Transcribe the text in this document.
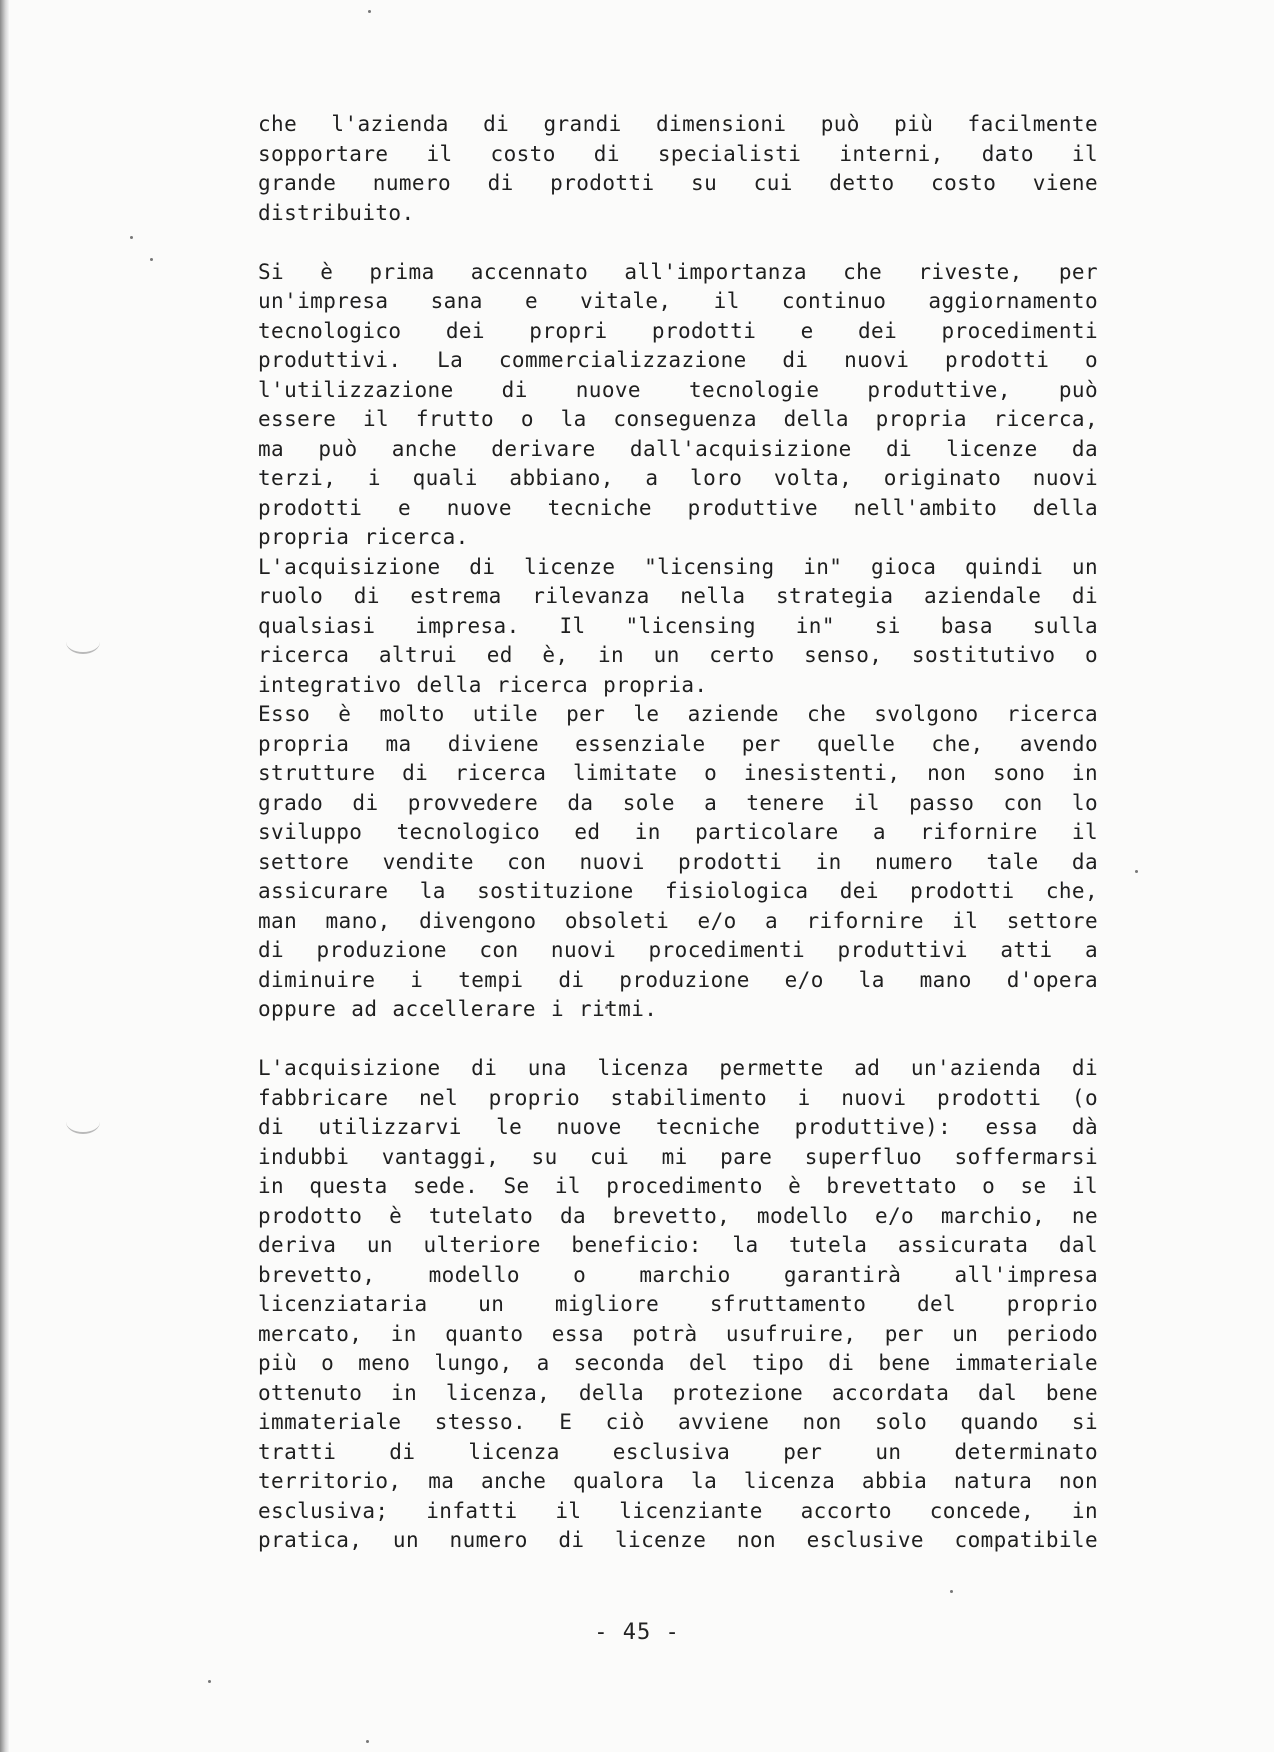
che l'azienda di grandi dimensioni può più facilmente
sopportare il costo di specialisti interni, dato il
grande numero di prodotti su cui detto costo viene

distribuito.

Si è prima accennato all'importanza che riveste, per
un'impresa sana e vitale, il continuo aggiornamento
tecnologico dei propri prodotti e dei procedimenti
produttivi. La commercializzazione di nuovi prodotti o
l'utilizzazione di nuove tecnologie produttive, può
essere il frutto o la conseguenza della propria ricerca,
ma può anche derivare dall'acquisizione di licenze da
terzi, i quali abbiano, a loro volta, originato nuovi
prodotti e nuove tecniche produttive nell'ambito della

propria ricerca.

L'acquisizione di licenze "licensing in" gioca quindi un
ruolo di estrema rilevanza nella strategia aziendale di
qualsiasi impresa. Il "licensing in" si basa sulla
ricerca altrui ed è, in un certo senso, sostitutivo o

integrativo della ricerca propria.

Esso è molto utile per le aziende che svolgono ricerca
propria ma diviene essenziale per quelle che, avendo
strutture di ricerca limitate o inesistenti, non sono in
grado di provvedere da sole a tenere il passo con lo
sviluppo tecnologico ed in particolare a rifornire il
settore vendite con nuovi prodotti in numero tale da
assicurare la sostituzione fisiologica dei prodotti che,
man mano, divengono obsoleti e/o a rifornire il settore
di produzione con nuovi procedimenti produttivi atti a
diminuire i tempi di produzione e/o la mano d'opera

oppure ad accellerare i ritmi.

L'acquisizione di una licenza permette ad un'azienda di
fabbricare nel proprio stabilimento i nuovi prodotti (o
di utilizzarvi le nuove tecniche produttive): essa dà
indubbi vantaggi, su cui mi pare superfluo soffermarsi
in questa sede. Se il procedimento è brevettato o se il
prodotto è tutelato da brevetto, modello e/o marchio, ne
deriva un ulteriore beneficio: la tutela assicurata dal
brevetto, modello o marchio garantirà all'impresa
licenziataria un migliore sfruttamento del proprio
mercato, in quanto essa potrà usufruire, per un periodo
più o meno lungo, a seconda del tipo di bene immateriale
ottenuto in licenza, della protezione accordata dal bene
immateriale stesso. E ciò avviene non solo quando si
tratti di licenza esclusiva per un determinato
territorio, ma anche qualora la licenza abbia natura non
esclusiva; infatti il licenziante accorto concede, in
pratica, un numero di licenze non esclusive compatibile

- 45 -
